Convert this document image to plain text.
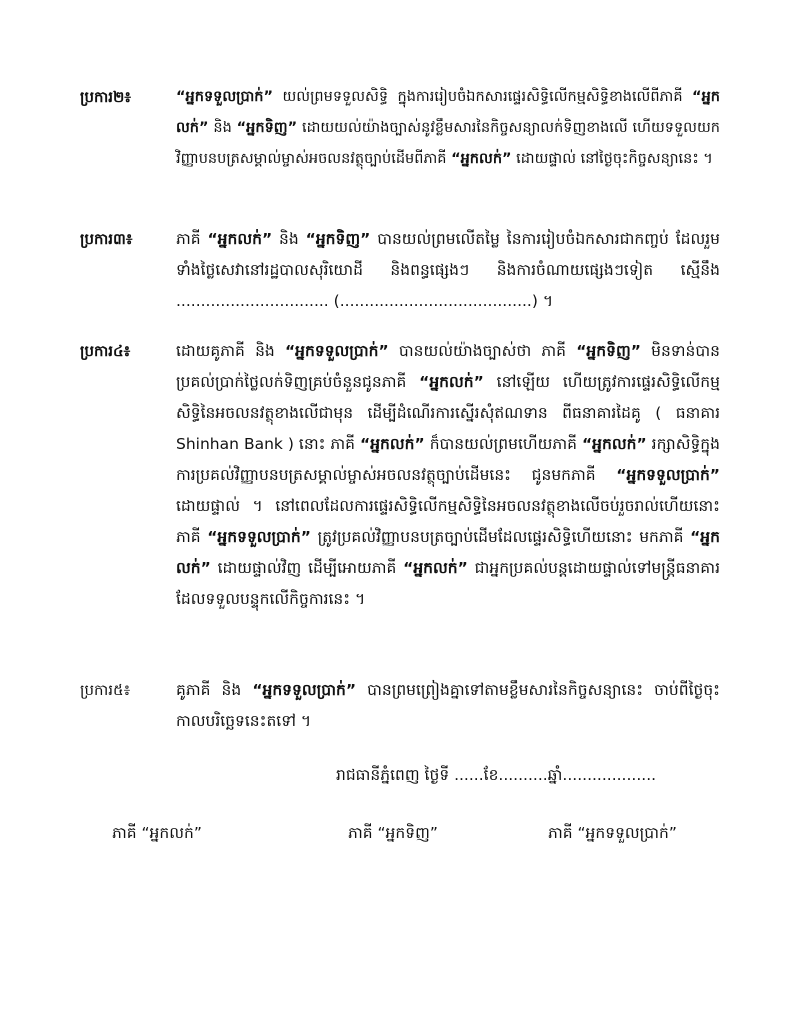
ប្រការ២៖	“អ្នកទទួលប្រាក់” យល់ព្រមទទួលសិទ្ធិ ក្នុងការរៀបចំឯកសារផ្ទេរសិទ្ធិលើកម្មសិទ្ធិខាងលើពីភាគី “អ្នកលក់” និង “អ្នកទិញ” ដោយយល់យ៉ាងច្បាស់នូវខ្លឹមសារនៃកិច្ចសន្យាលក់ទិញខាងលើ ហើយទទួលយកវិញ្ញាបនបត្រសម្គាល់ម្ចាស់អចលនវត្ថុច្បាប់ដើមពីភាគី “អ្នកលក់” ដោយផ្ទាល់ នៅថ្ងៃចុះកិច្ចសន្យានេះ ។
ប្រការ៣៖	ភាគី “អ្នកលក់” និង “អ្នកទិញ” បានយល់ព្រមលើតម្លៃ នៃការរៀបចំឯកសារជាកញ្ចប់ ដែលរួមទាំងថ្លៃសេវានៅរដ្ឋបាលសុរិយោដី និងពន្ធផ្សេងៗ និងការចំណាយផ្សេងៗទៀត ស្មើនឹង ............................... (.......................................) ។
ប្រការ៤៖	ដោយគូភាគី និង “អ្នកទទួលប្រាក់” បានយល់យ៉ាងច្បាស់ថា ភាគី “អ្នកទិញ” មិនទាន់បានប្រគល់ប្រាក់ថ្លៃលក់ទិញគ្រប់ចំនួនជូនភាគី “អ្នកលក់” នៅឡើយ ហើយត្រូវការផ្ទេរសិទ្ធិលើកម្មសិទ្ធិនៃអចលនវត្ថុខាងលើជាមុន ដើម្បីដំណើរការស្នើរសុំឥណទាន ពីធនាគារដៃគូ ( ធនាគារ Shinhan Bank ) នោះ ភាគី “អ្នកលក់” ក៏បានយល់ព្រមហើយភាគី “អ្នកលក់” រក្សាសិទ្ធិក្នុងការប្រគល់វិញ្ញាបនបត្រសម្គាល់ម្ចាស់អចលនវត្ថុច្បាប់ដើមនេះ ជូនមកភាគី “អ្នកទទួលប្រាក់” ដោយផ្ទាល់ ។ នៅពេលដែលការផ្ទេរសិទ្ធិលើកម្មសិទ្ធិនៃអចលនវត្ថុខាងលើចប់រួចរាល់ហើយនោះ ភាគី “អ្នកទទួលប្រាក់” ត្រូវប្រគល់វិញ្ញាបនបត្រច្បាប់ដើមដែលផ្ទេរសិទ្ធិហើយនោះ មកភាគី “អ្នកលក់” ដោយផ្ទាល់វិញ ដើម្បីអោយភាគី “អ្នកលក់” ជាអ្នកប្រគល់បន្តដោយផ្ទាល់ទៅមន្ត្រីធនាគារដែលទទួលបន្ទុកលើកិច្ចការនេះ ។
ប្រការ៥៖	គូភាគី និង “អ្នកទទួលប្រាក់” បានព្រមព្រៀងគ្នាទៅតាមខ្លឹមសារនៃកិច្ចសន្យានេះ ចាប់ពីថ្ងៃចុះកាលបរិច្ឆេទនេះតទៅ ។
រាជធានីភ្នំពេញ ថ្ងៃទី ......ខែ..........ឆ្នាំ...................
ភាគី “អ្នកលក់”	ភាគី “អ្នកទិញ”	ភាគី “អ្នកទទួលប្រាក់”
